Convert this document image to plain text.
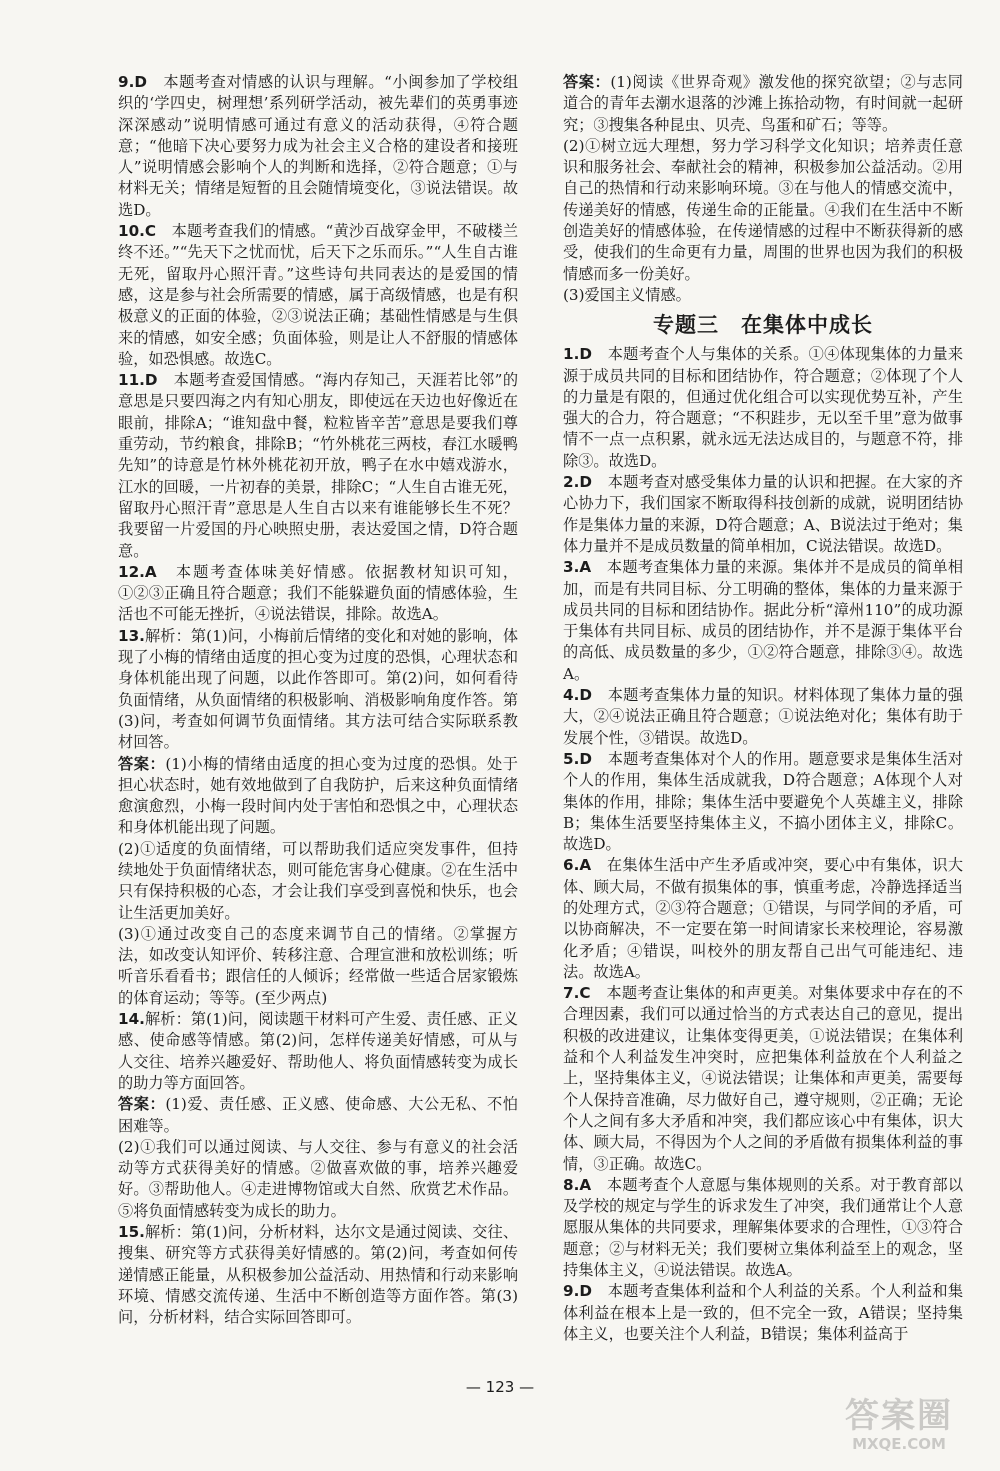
9.D　 本题考查对情感的认识与理解。“小闽参加了学校组织的‘学四史，树理想’系列研学活动，被先辈们的英勇事迹深深感动”说明情感可通过有意义的活动获得，④符合题意；“他暗下决心要努力成为社会主义合格的建设者和接班人”说明情感会影响个人的判断和选择，②符合题意；①与材料无关；情绪是短暂的且会随情境变化，③说法错误。故选D。

10.C　 本题考查我们的情感。“黄沙百战穿金甲，不破楼兰终不还。”“先天下之忧而忧，后天下之乐而乐。”“人生自古谁无死，留取丹心照汗青。”这些诗句共同表达的是爱国的情感，这是参与社会所需要的情感，属于高级情感，也是有积极意义的正面的体验，②③说法正确；基础性情感是与生俱来的情感，如安全感；负面体验，则是让人不舒服的情感体验，如恐惧感。故选C。

11.D　 本题考查爱国情感。“海内存知己，天涯若比邻”的意思是只要四海之内有知心朋友，即使远在天边也好像近在眼前，排除A；“谁知盘中餐，粒粒皆辛苦”意思是要我们尊重劳动，节约粮食，排除B；“竹外桃花三两枝，春江水暖鸭先知”的诗意是竹林外桃花初开放，鸭子在水中嬉戏游水，江水的回暖，一片初春的美景，排除C；“人生自古谁无死，留取丹心照汗青”意思是人生自古以来有谁能够长生不死？我要留一片爱国的丹心映照史册，表达爱国之情，D符合题意。

12.A　 本题考查体味美好情感。依据教材知识可知，①②③正确且符合题意；我们不能躲避负面的情感体验，生活也不可能无挫折，④说法错误，排除。故选A。

13.解析：第(1)问，小梅前后情绪的变化和对她的影响，体现了小梅的情绪由适度的担心变为过度的恐惧，心理状态和身体机能出现了问题，以此作答即可。第(2)问，如何看待负面情绪，从负面情绪的积极影响、消极影响角度作答。第(3)问，考查如何调节负面情绪。其方法可结合实际联系教材回答。

答案：(1)小梅的情绪由适度的担心变为过度的恐惧。处于担心状态时，她有效地做到了自我防护，后来这种负面情绪愈演愈烈，小梅一段时间内处于害怕和恐惧之中，心理状态和身体机能出现了问题。

(2)①适度的负面情绪，可以帮助我们适应突发事件，但持续地处于负面情绪状态，则可能危害身心健康。②在生活中只有保持积极的心态，才会让我们享受到喜悦和快乐，也会让生活更加美好。

(3)①通过改变自己的态度来调节自己的情绪。②掌握方法，如改变认知评价、转移注意、合理宣泄和放松训练；听听音乐看看书；跟信任的人倾诉；经常做一些适合居家锻炼的体育运动；等等。(至少两点)

14.解析：第(1)问，阅读题干材料可产生爱、责任感、正义感、使命感等情感。第(2)问，怎样传递美好情感，可从与人交往、培养兴趣爱好、帮助他人、将负面情感转变为成长的助力等方面回答。

答案：(1)爱、责任感、正义感、使命感、大公无私、不怕困难等。

(2)①我们可以通过阅读、与人交往、参与有意义的社会活动等方式获得美好的情感。②做喜欢做的事，培养兴趣爱好。③帮助他人。④走进博物馆或大自然、欣赏艺术作品。⑤将负面情感转变为成长的助力。

15.解析：第(1)问，分析材料，达尔文是通过阅读、交往、搜集、研究等方式获得美好情感的。第(2)问，考查如何传递情感正能量，从积极参加公益活动、用热情和行动来影响环境、情感交流传递、生活中不断创造等方面作答。第(3)问，分析材料，结合实际回答即可。

答案：(1)阅读《世界奇观》激发他的探究欲望；②与志同道合的青年去潮水退落的沙滩上拣拾动物，有时间就一起研究；③搜集各种昆虫、贝壳、鸟蛋和矿石；等等。

(2)①树立远大理想，努力学习科学文化知识；培养责任意识和服务社会、奉献社会的精神，积极参加公益活动。②用自己的热情和行动来影响环境。③在与他人的情感交流中，传递美好的情感，传递生命的正能量。④我们在生活中不断创造美好的情感体验，在传递情感的过程中不断获得新的感受，使我们的生命更有力量，周围的世界也因为我们的积极情感而多一份美好。

(3)爱国主义情感。

专题三　在集体中成长

1.D　 本题考查个人与集体的关系。①④体现集体的力量来源于成员共同的目标和团结协作，符合题意；②体现了个人的力量是有限的，但通过优化组合可以实现优势互补，产生强大的合力，符合题意；“不积跬步，无以至千里”意为做事情不一点一点积累，就永远无法达成目的，与题意不符，排除③。故选D。

2.D　 本题考查对感受集体力量的认识和把握。在大家的齐心协力下，我们国家不断取得科技创新的成就，说明团结协作是集体力量的来源，D符合题意；A、B说法过于绝对；集体力量并不是成员数量的简单相加，C说法错误。故选D。

3.A　 本题考查集体力量的来源。集体并不是成员的简单相加，而是有共同目标、分工明确的整体，集体的力量来源于成员共同的目标和团结协作。据此分析“漳州110”的成功源于集体有共同目标、成员的团结协作，并不是源于集体平台的高低、成员数量的多少，①②符合题意，排除③④。故选A。

4.D　 本题考查集体力量的知识。材料体现了集体力量的强大，②④说法正确且符合题意；①说法绝对化；集体有助于发展个性，③错误。故选D。

5.D　 本题考查集体对个人的作用。题意要求是集体生活对个人的作用，集体生活成就我，D符合题意；A体现个人对集体的作用，排除；集体生活中要避免个人英雄主义，排除B；集体生活要坚持集体主义，不搞小团体主义，排除C。故选D。

6.A　 在集体生活中产生矛盾或冲突，要心中有集体，识大体、顾大局，不做有损集体的事，慎重考虑，冷静选择适当的处理方式，②③符合题意；①错误，与同学间的矛盾，可以协商解决，不一定要在第一时间请家长来校理论，容易激化矛盾；④错误，叫校外的朋友帮自己出气可能违纪、违法。故选A。

7.C　 本题考查让集体的和声更美。对集体要求中存在的不合理因素，我们可以通过恰当的方式表达自己的意见，提出积极的改进建议，让集体变得更美，①说法错误；在集体利益和个人利益发生冲突时，应把集体利益放在个人利益之上，坚持集体主义，④说法错误；让集体和声更美，需要每个人保持音准确，尽力做好自己，遵守规则，②正确；无论个人之间有多大矛盾和冲突，我们都应该心中有集体，识大体、顾大局，不得因为个人之间的矛盾做有损集体利益的事情，③正确。故选C。

8.A　 本题考查个人意愿与集体规则的关系。对于教育部以及学校的规定与学生的诉求发生了冲突，我们通常让个人意愿服从集体的共同要求，理解集体要求的合理性，①③符合题意；②与材料无关；我们要树立集体利益至上的观念，坚持集体主义，④说法错误。故选A。

9.D　 本题考查集体利益和个人利益的关系。个人利益和集体利益在根本上是一致的，但不完全一致，A错误；坚持集体主义，也要关注个人利益，B错误；集体利益高于

— 123 —
答案圈
MXQE.COM
